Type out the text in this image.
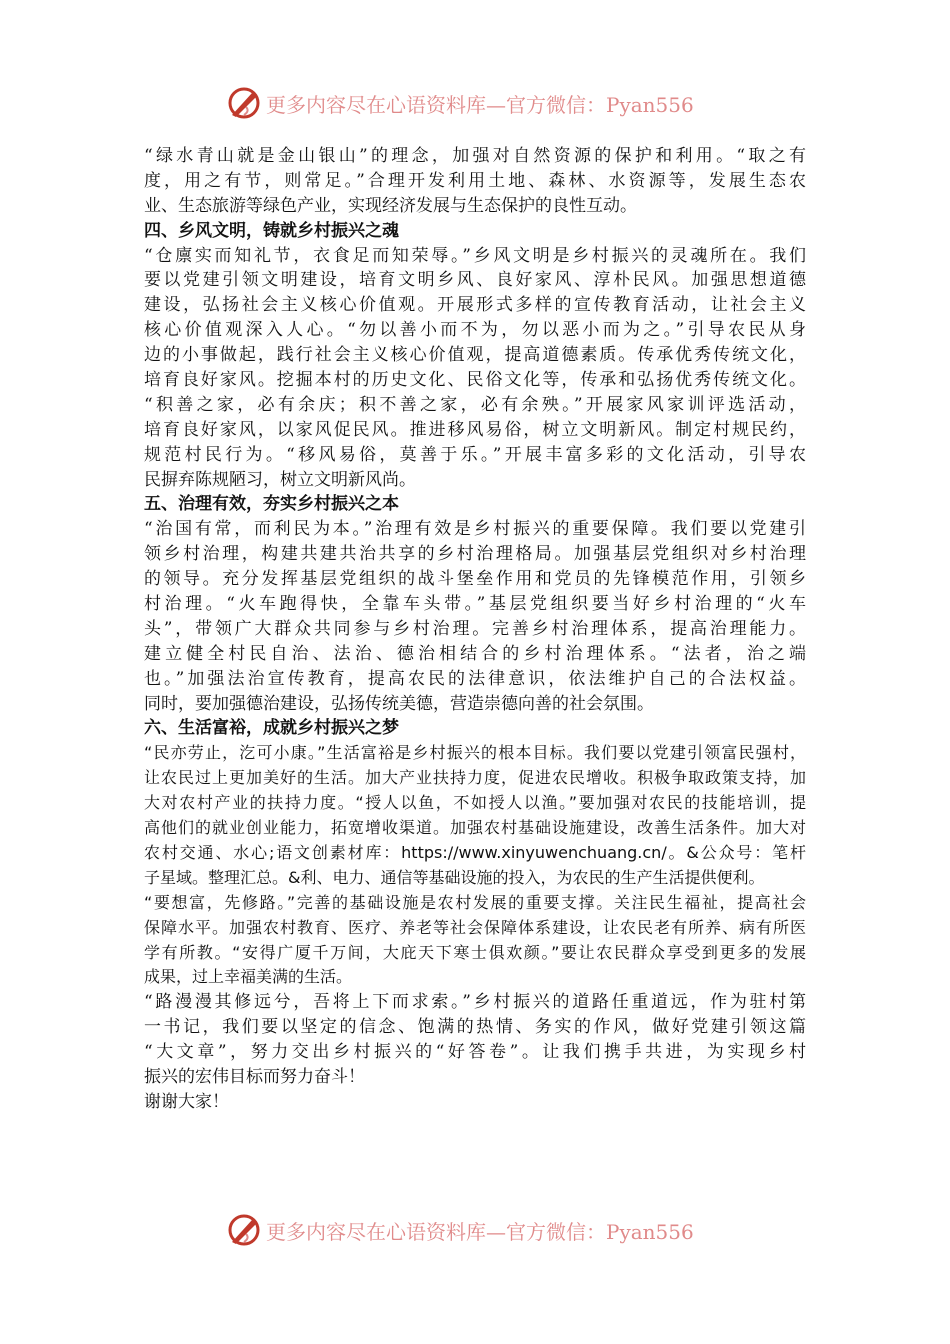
更多内容尽在心语资料库—官方微信：Pyan556
“绿水青山就是金山银山”的理念，加强对自然资源的保护和利用。“取之有
度，用之有节，则常足。”合理开发利用土地、森林、水资源等，发展生态农
业、生态旅游等绿色产业，实现经济发展与生态保护的良性互动。
四、乡风文明，铸就乡村振兴之魂
“仓廪实而知礼节，衣食足而知荣辱。”乡风文明是乡村振兴的灵魂所在。我们
要以党建引领文明建设，培育文明乡风、良好家风、淳朴民风。加强思想道德
建设，弘扬社会主义核心价值观。开展形式多样的宣传教育活动，让社会主义
核心价值观深入人心。“勿以善小而不为，勿以恶小而为之。”引导农民从身
边的小事做起，践行社会主义核心价值观，提高道德素质。传承优秀传统文化，
培育良好家风。挖掘本村的历史文化、民俗文化等，传承和弘扬优秀传统文化。
“积善之家，必有余庆；积不善之家，必有余殃。”开展家风家训评选活动，
培育良好家风，以家风促民风。推进移风易俗，树立文明新风。制定村规民约，
规范村民行为。“移风易俗，莫善于乐。”开展丰富多彩的文化活动，引导农
民摒弃陈规陋习，树立文明新风尚。
五、治理有效，夯实乡村振兴之本
“治国有常，而利民为本。”治理有效是乡村振兴的重要保障。我们要以党建引
领乡村治理，构建共建共治共享的乡村治理格局。加强基层党组织对乡村治理
的领导。充分发挥基层党组织的战斗堡垒作用和党员的先锋模范作用，引领乡
村治理。“火车跑得快，全靠车头带。”基层党组织要当好乡村治理的“火车
头”，带领广大群众共同参与乡村治理。完善乡村治理体系，提高治理能力。
建立健全村民自治、法治、德治相结合的乡村治理体系。“法者，治之端
也。”加强法治宣传教育，提高农民的法律意识，依法维护自己的合法权益。
同时，要加强德治建设，弘扬传统美德，营造崇德向善的社会氛围。
六、生活富裕，成就乡村振兴之梦
“民亦劳止，汔可小康。”生活富裕是乡村振兴的根本目标。我们要以党建引领富民强村，
让农民过上更加美好的生活。加大产业扶持力度，促进农民增收。积极争取政策支持，加
大对农村产业的扶持力度。“授人以鱼，不如授人以渔。”要加强对农民的技能培训，提
高他们的就业创业能力，拓宽增收渠道。加强农村基础设施建设，改善生活条件。加大对
农村交通、水心;语文创素材库：https://www.xinyuwenchuang.cn/。&公众号：笔杆
子星域。整理汇总。&利、电力、通信等基础设施的投入，为农民的生产生活提供便利。
“要想富，先修路。”完善的基础设施是农村发展的重要支撑。关注民生福祉，提高社会
保障水平。加强农村教育、医疗、养老等社会保障体系建设，让农民老有所养、病有所医
学有所教。“安得广厦千万间，大庇天下寒士俱欢颜。”要让农民群众享受到更多的发展
成果，过上幸福美满的生活。
“路漫漫其修远兮，吾将上下而求索。”乡村振兴的道路任重道远，作为驻村第
一书记，我们要以坚定的信念、饱满的热情、务实的作风，做好党建引领这篇
“大文章”，努力交出乡村振兴的“好答卷”。让我们携手共进，为实现乡村
振兴的宏伟目标而努力奋斗！
谢谢大家！
更多内容尽在心语资料库—官方微信：Pyan556
